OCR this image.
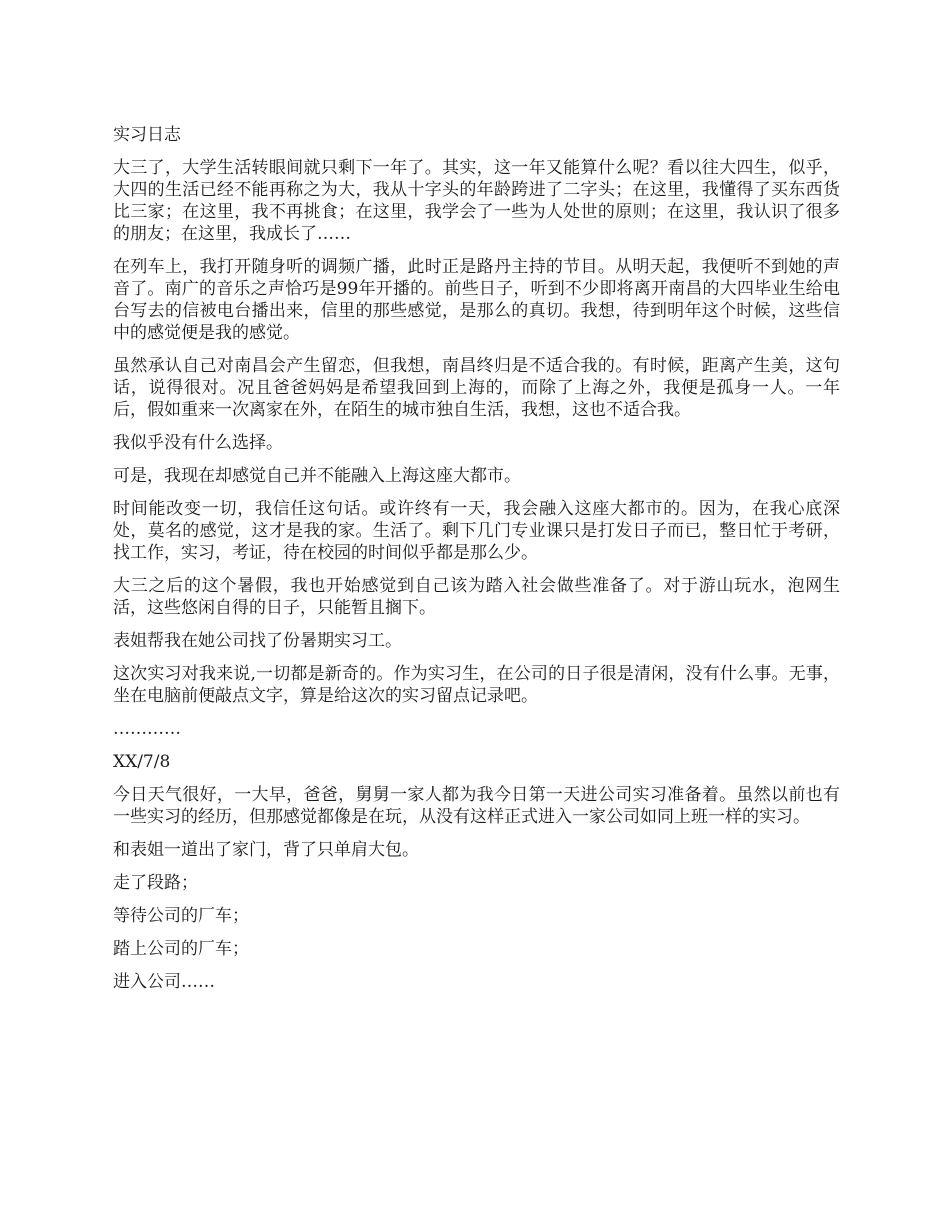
实习日志

大三了，大学生活转眼间就只剩下一年了。其实，这一年又能算什么呢？看以往大四生，似乎，大四的生活已经不能再称之为大，我从十字头的年龄跨进了二字头；在这里，我懂得了买东西货比三家；在这里，我不再挑食；在这里，我学会了一些为人处世的原则；在这里，我认识了很多的朋友；在这里，我成长了……

在列车上，我打开随身听的调频广播，此时正是路丹主持的节目。从明天起，我便听不到她的声音了。南广的音乐之声恰巧是99年开播的。前些日子，听到不少即将离开南昌的大四毕业生给电台写去的信被电台播出来，信里的那些感觉，是那么的真切。我想，待到明年这个时候，这些信中的感觉便是我的感觉。

虽然承认自己对南昌会产生留恋，但我想，南昌终归是不适合我的。有时候，距离产生美，这句话，说得很对。况且爸爸妈妈是希望我回到上海的，而除了上海之外，我便是孤身一人。一年后，假如重来一次离家在外，在陌生的城市独自生活，我想，这也不适合我。

我似乎没有什么选择。

可是，我现在却感觉自己并不能融入上海这座大都市。

时间能改变一切，我信任这句话。或许终有一天，我会融入这座大都市的。因为，在我心底深处，莫名的感觉，这才是我的家。生活了。剩下几门专业课只是打发日子而已，整日忙于考研，找工作，实习，考证，待在校园的时间似乎都是那么少。

大三之后的这个暑假，我也开始感觉到自己该为踏入社会做些准备了。对于游山玩水，泡网生活，这些悠闲自得的日子，只能暂且搁下。

表姐帮我在她公司找了份暑期实习工。

这次实习对我来说,一切都是新奇的。作为实习生，在公司的日子很是清闲，没有什么事。无事，坐在电脑前便敲点文字，算是给这次的实习留点记录吧。

…………

XX/7/8

今日天气很好，一大早，爸爸，舅舅一家人都为我今日第一天进公司实习准备着。虽然以前也有一些实习的经历，但那感觉都像是在玩，从没有这样正式进入一家公司如同上班一样的实习。

和表姐一道出了家门，背了只单肩大包。

走了段路；

等待公司的厂车；

踏上公司的厂车；

进入公司……
